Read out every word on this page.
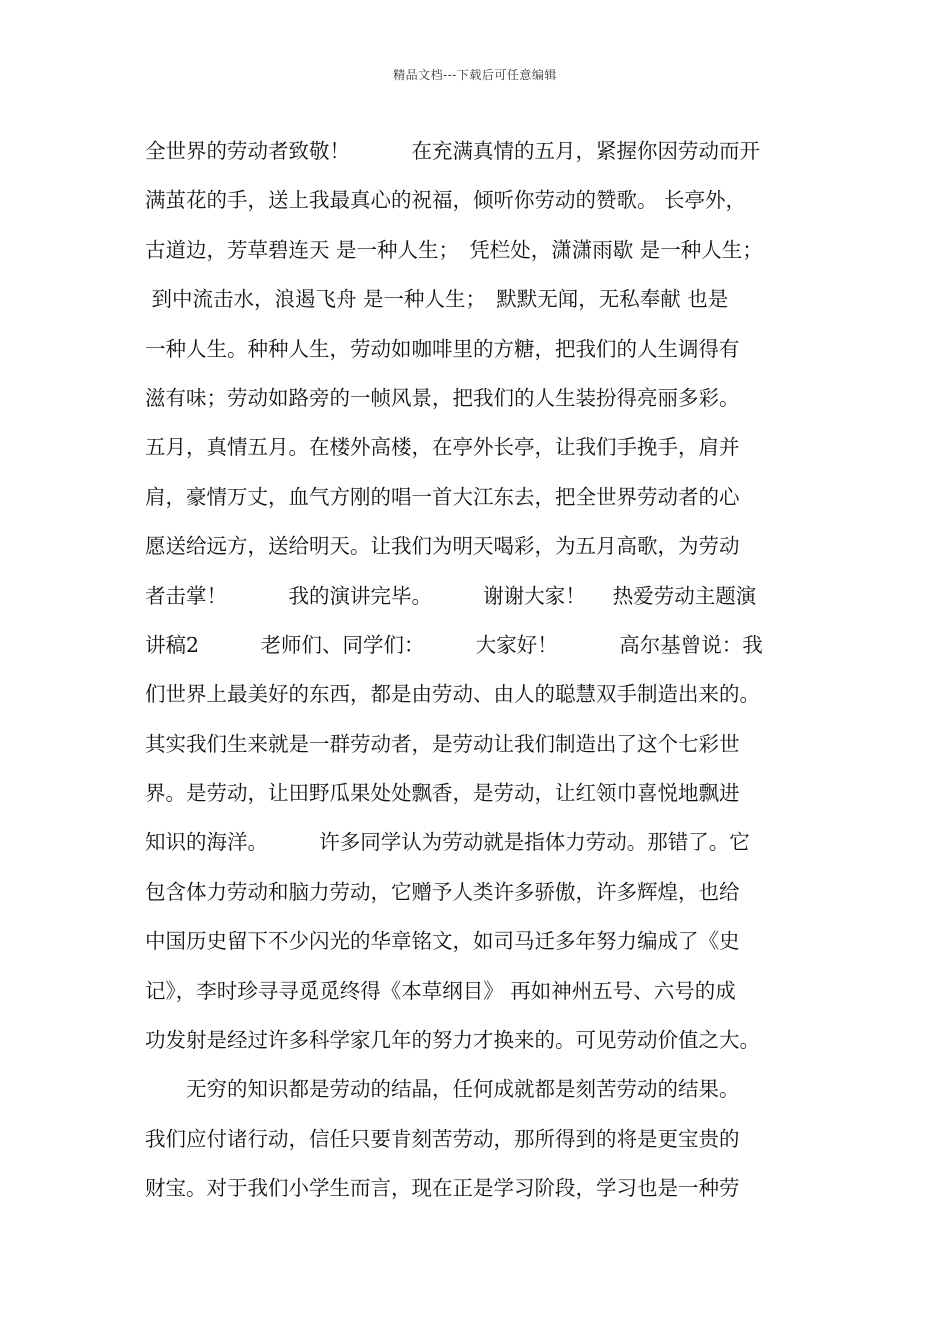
精品文档---下载后可任意编辑
全世界的劳动者致敬！　　　在充满真情的五月，紧握你因劳动而开
满茧花的手，送上我最真心的祝福，倾听你劳动的赞歌。 长亭外，
古道边，芳草碧连天 是一种人生；　凭栏处，潇潇雨歇 是一种人生；
到中流击水，浪遏飞舟 是一种人生；　默默无闻，无私奉献 也是
一种人生。种种人生，劳动如咖啡里的方糖，把我们的人生调得有
滋有味；劳动如路旁的一帧风景，把我们的人生装扮得亮丽多彩。
五月，真情五月。在楼外高楼，在亭外长亭，让我们手挽手，肩并
肩，豪情万丈，血气方刚的唱一首大江东去，把全世界劳动者的心
愿送给远方，送给明天。让我们为明天喝彩，为五月高歌，为劳动
者击掌！　　　我的演讲完毕。　　　谢谢大家！　 热爱劳动主题演
讲稿2　　　老师们、同学们：　　　大家好！　　　高尔基曾说：我
们世界上最美好的东西，都是由劳动、由人的聪慧双手制造出来的。
其实我们生来就是一群劳动者，是劳动让我们制造出了这个七彩世
界。是劳动，让田野瓜果处处飘香，是劳动，让红领巾喜悦地飘进
知识的海洋。　　　许多同学认为劳动就是指体力劳动。那错了。它
包含体力劳动和脑力劳动，它赠予人类许多骄傲，许多辉煌，也给
中国历史留下不少闪光的华章铭文，如司马迁多年努力编成了《史
记》，李时珍寻寻觅觅终得《本草纲目》 再如神州五号、六号的成
功发射是经过许多科学家几年的努力才换来的。可见劳动价值之大。
　　无穷的知识都是劳动的结晶，任何成就都是刻苦劳动的结果。
我们应付诸行动，信任只要肯刻苦劳动，那所得到的将是更宝贵的
财宝。对于我们小学生而言，现在正是学习阶段，学习也是一种劳
